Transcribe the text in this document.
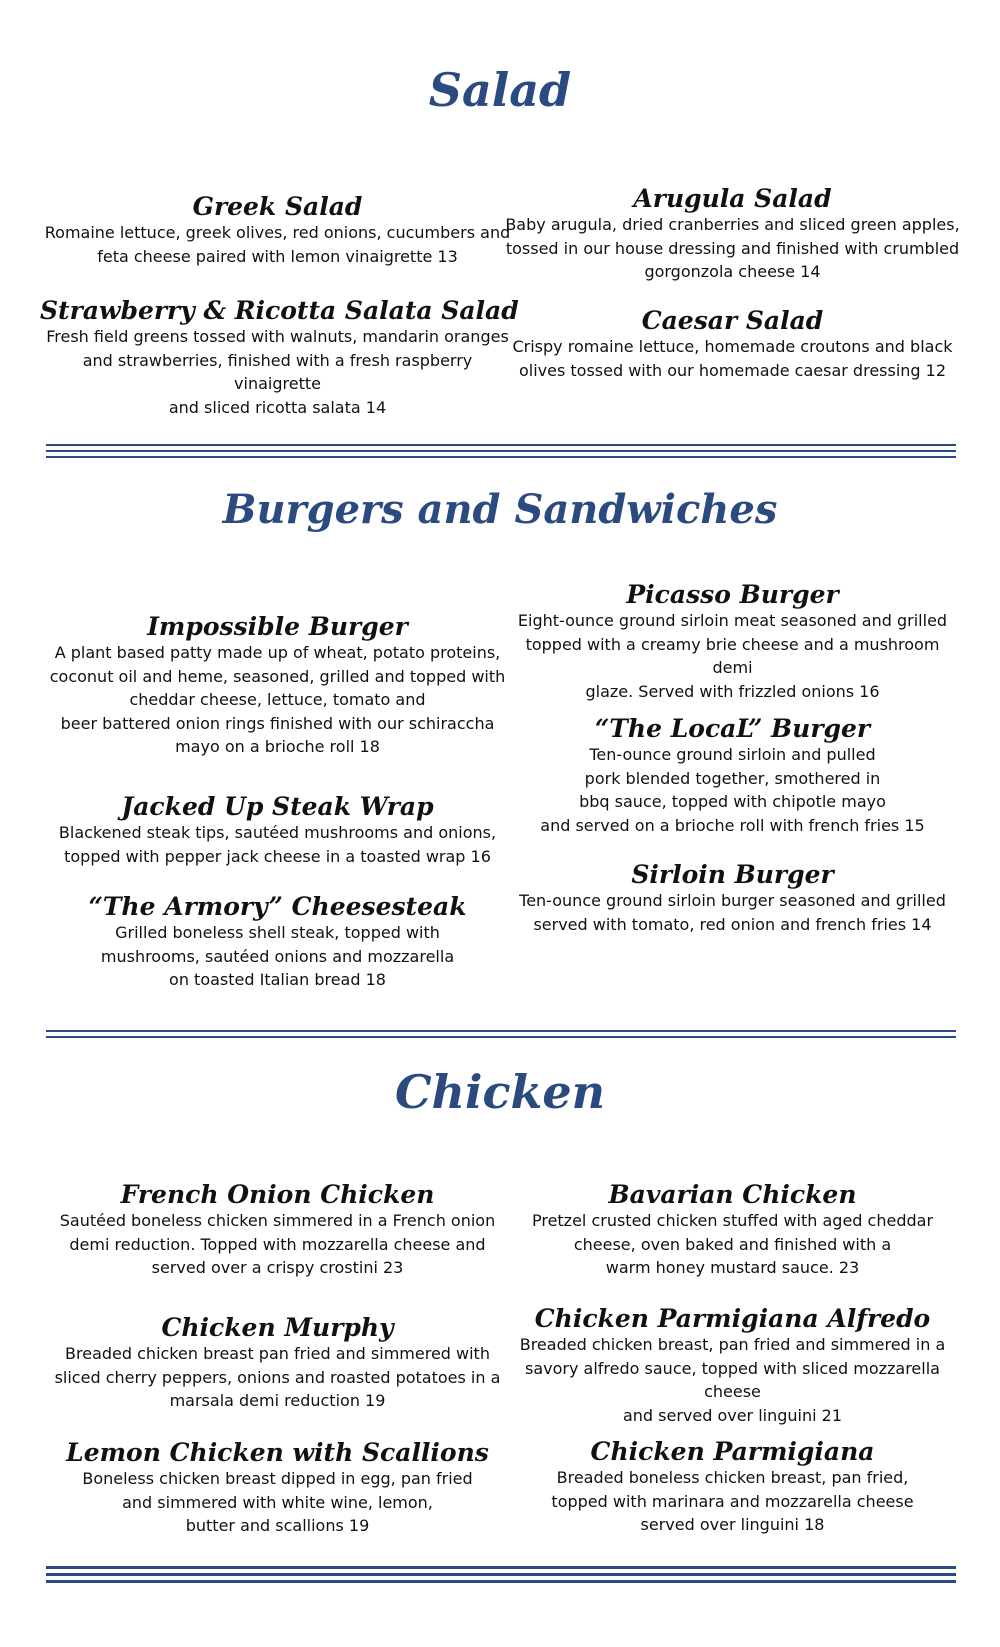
Salad
Greek Salad
Romaine lettuce, greek olives, red onions, cucumbers and
feta cheese paired with lemon vinaigrette 13
Strawberry & Ricotta Salata Salad
Fresh field greens tossed with walnuts, mandarin oranges
and strawberries, finished with a fresh raspberry vinaigrette
and sliced ricotta salata 14
Arugula Salad
Baby arugula, dried cranberries and sliced green apples,
tossed in our house dressing and finished with crumbled
gorgonzola cheese 14
Caesar Salad
Crispy romaine lettuce, homemade croutons and black
olives tossed with our homemade caesar dressing 12
Burgers and Sandwiches
Impossible Burger
A plant based patty made up of wheat, potato proteins,
coconut oil and heme, seasoned, grilled and topped with
cheddar cheese, lettuce, tomato and
beer battered onion rings finished with our schiraccha
mayo on a brioche roll 18
Jacked Up Steak Wrap
Blackened steak tips, sautéed mushrooms and onions,
topped with pepper jack cheese in a toasted wrap 16
“The Armory” Cheesesteak
Grilled boneless shell steak, topped with
mushrooms, sautéed onions and mozzarella
on toasted Italian bread 18
Picasso Burger
Eight-ounce ground sirloin meat seasoned and grilled
topped with a creamy brie cheese and a mushroom demi
glaze. Served with frizzled onions 16
“The LocaL” Burger
Ten-ounce ground sirloin and pulled
pork blended together, smothered in
bbq sauce, topped with chipotle mayo
and served on a brioche roll with french fries 15
Sirloin Burger
Ten-ounce ground sirloin burger seasoned and grilled
served with tomato, red onion and french fries 14
Chicken
French Onion Chicken
Sautéed boneless chicken simmered in a French onion
demi reduction. Topped with mozzarella cheese and
served over a crispy crostini 23
Chicken Murphy
Breaded chicken breast pan fried and simmered with
sliced cherry peppers, onions and roasted potatoes in a
marsala demi reduction 19
Lemon Chicken with Scallions
Boneless chicken breast dipped in egg, pan fried
and simmered with white wine, lemon,
butter and scallions 19
Bavarian Chicken
Pretzel crusted chicken stuffed with aged cheddar
cheese, oven baked and finished with a
warm honey mustard sauce. 23
Chicken Parmigiana Alfredo
Breaded chicken breast, pan fried and simmered in a
savory alfredo sauce, topped with sliced mozzarella cheese
and served over linguini 21
Chicken Parmigiana
Breaded boneless chicken breast, pan fried,
topped with marinara and mozzarella cheese
served over linguini 18
